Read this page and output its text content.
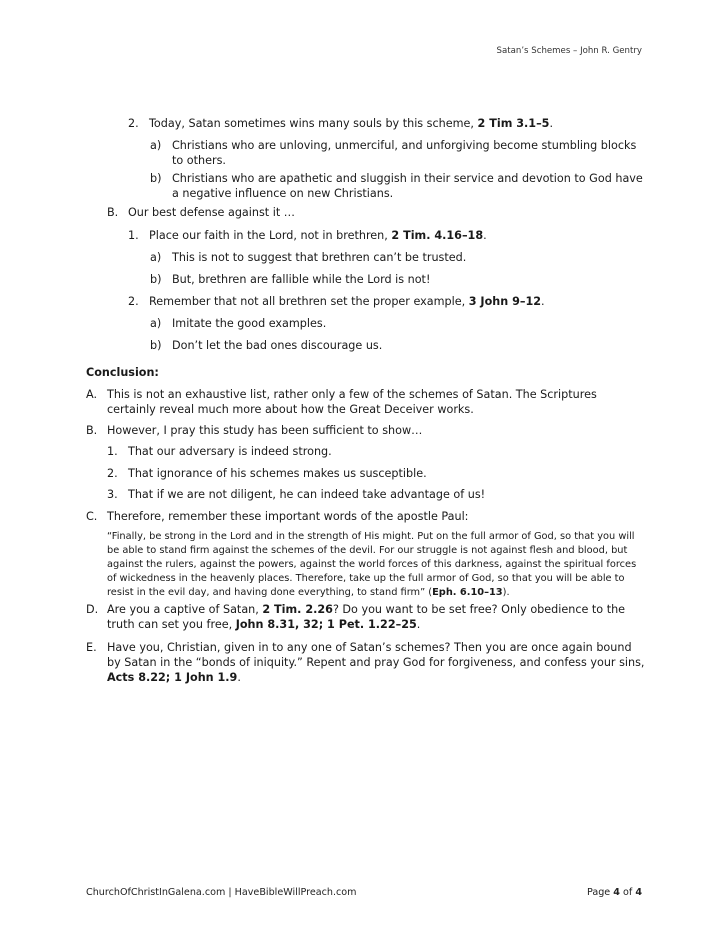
Satan’s Schemes – John R. Gentry
2. Today, Satan sometimes wins many souls by this scheme, 2 Tim 3.1–5.
a) Christians who are unloving, unmerciful, and unforgiving become stumbling blocks to others.
b) Christians who are apathetic and sluggish in their service and devotion to God have a negative influence on new Christians.
B. Our best defense against it …
1. Place our faith in the Lord, not in brethren, 2 Tim. 4.16–18.
a) This is not to suggest that brethren can’t be trusted.
b) But, brethren are fallible while the Lord is not!
2. Remember that not all brethren set the proper example, 3 John 9–12.
a) Imitate the good examples.
b) Don’t let the bad ones discourage us.
Conclusion:
A. This is not an exhaustive list, rather only a few of the schemes of Satan. The Scriptures certainly reveal much more about how the Great Deceiver works.
B. However, I pray this study has been sufficient to show…
1. That our adversary is indeed strong.
2. That ignorance of his schemes makes us susceptible.
3. That if we are not diligent, he can indeed take advantage of us!
C. Therefore, remember these important words of the apostle Paul:
“Finally, be strong in the Lord and in the strength of His might. Put on the full armor of God, so that you will be able to stand firm against the schemes of the devil. For our struggle is not against flesh and blood, but against the rulers, against the powers, against the world forces of this darkness, against the spiritual forces of wickedness in the heavenly places. Therefore, take up the full armor of God, so that you will be able to resist in the evil day, and having done everything, to stand firm” (Eph. 6.10–13).
D. Are you a captive of Satan, 2 Tim. 2.26? Do you want to be set free? Only obedience to the truth can set you free, John 8.31, 32; 1 Pet. 1.22–25.
E. Have you, Christian, given in to any one of Satan’s schemes? Then you are once again bound by Satan in the “bonds of iniquity.” Repent and pray God for forgiveness, and confess your sins, Acts 8.22; 1 John 1.9.
ChurchOfChristInGalena.com | HaveBibleWillPreach.com	Page 4 of 4
